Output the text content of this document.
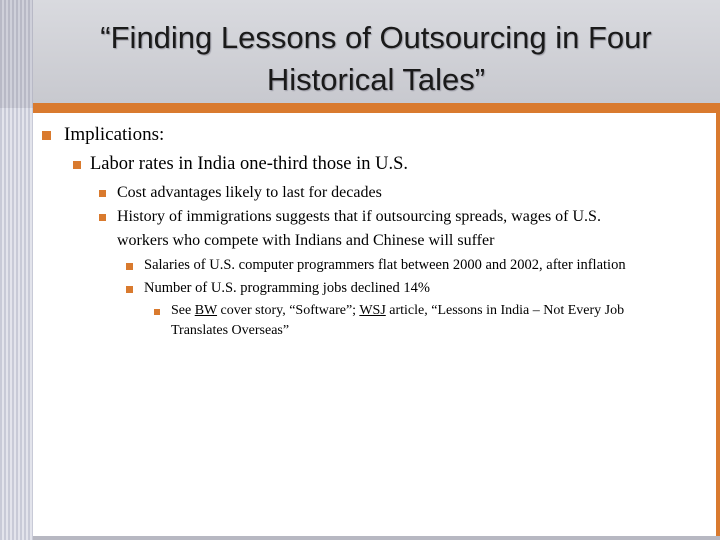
“Finding Lessons of Outsourcing in Four Historical Tales”
Implications:
Labor rates in India one-third those in U.S.
Cost advantages likely to last for decades
History of immigrations suggests that if outsourcing spreads, wages of U.S.
workers who compete with Indians and Chinese will suffer
Salaries of U.S. computer programmers flat between 2000 and 2002, after inflation
Number of U.S. programming jobs declined 14%
See BW cover story, “Software”; WSJ article, “Lessons in India – Not Every Job
Translates Overseas”
